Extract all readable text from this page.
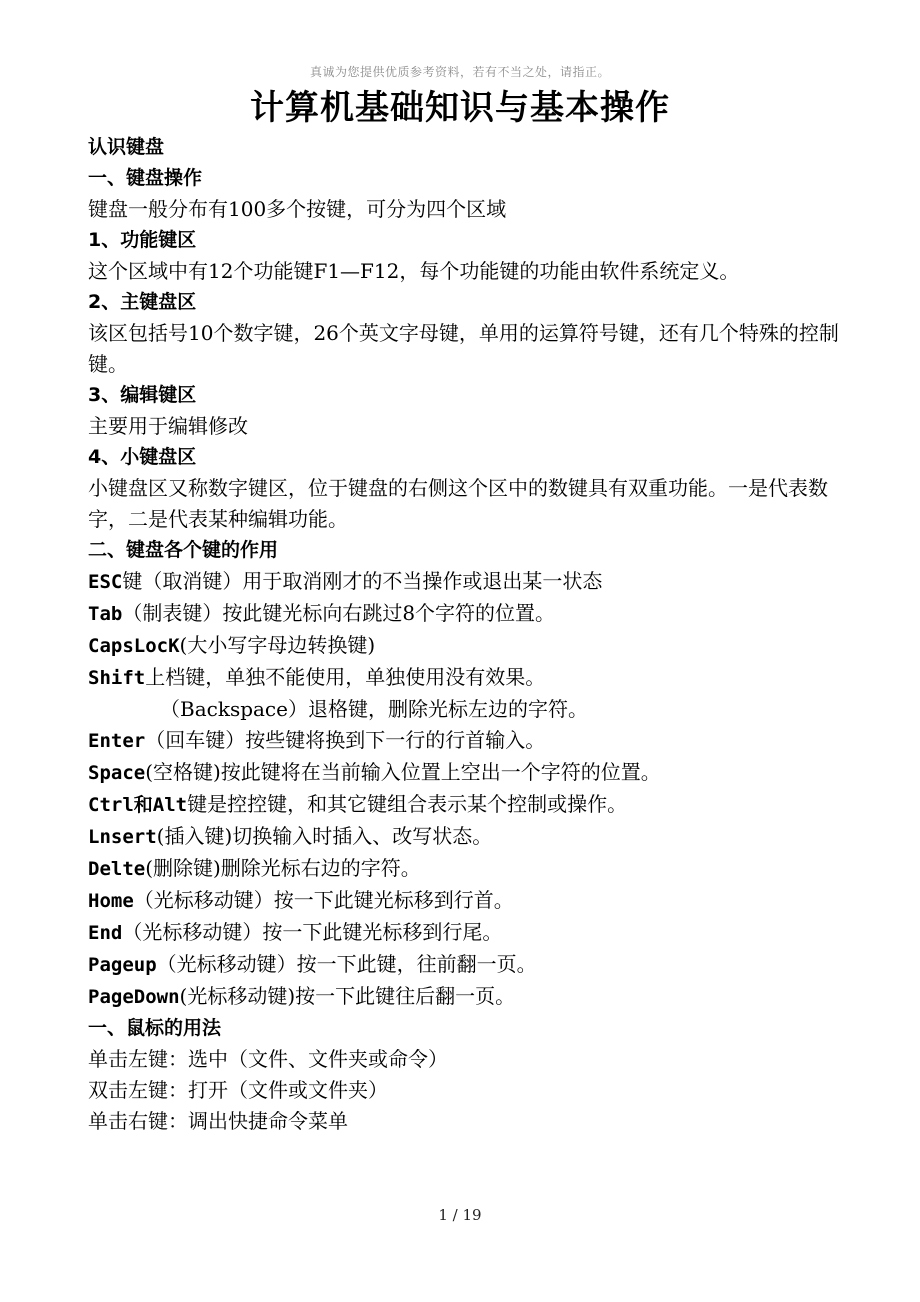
真诚为您提供优质参考资料，若有不当之处，请指正。
计算机基础知识与基本操作

认识键盘

一、键盘操作

键盘一般分布有100多个按键，可分为四个区域

1、功能键区

这个区域中有12个功能键F1—F12，每个功能键的功能由软件系统定义。

2、主键盘区

该区包括号10个数字键，26个英文字母键，单用的运算符号键，还有几个特殊的控制键。

3、编辑键区

主要用于编辑修改

4、小键盘区

小键盘区又称数字键区，位于键盘的右侧这个区中的数键具有双重功能。一是代表数字，二是代表某种编辑功能。

二、键盘各个键的作用

ESC键（取消键）用于取消刚才的不当操作或退出某一状态

Tab（制表键）按此键光标向右跳过8个字符的位置。

CapsLocK(大小写字母边转换键)

Shift上档键，单独不能使用，单独使用没有效果。

（Backspace）退格键，删除光标左边的字符。

Enter（回车键）按些键将换到下一行的行首输入。

Space(空格键)按此键将在当前输入位置上空出一个字符的位置。

Ctrl和Alt键是控控键，和其它键组合表示某个控制或操作。

Lnsert(插入键)切换输入时插入、改写状态。

Delte(删除键)删除光标右边的字符。

Home（光标移动键）按一下此键光标移到行首。

End（光标移动键）按一下此键光标移到行尾。

Pageup（光标移动键）按一下此键，往前翻一页。

PageDown(光标移动键)按一下此键往后翻一页。

一、鼠标的用法

单击左键：选中（文件、文件夹或命令）

双击左键：打开（文件或文件夹）

单击右键：调出快捷命令菜单

1 / 19
